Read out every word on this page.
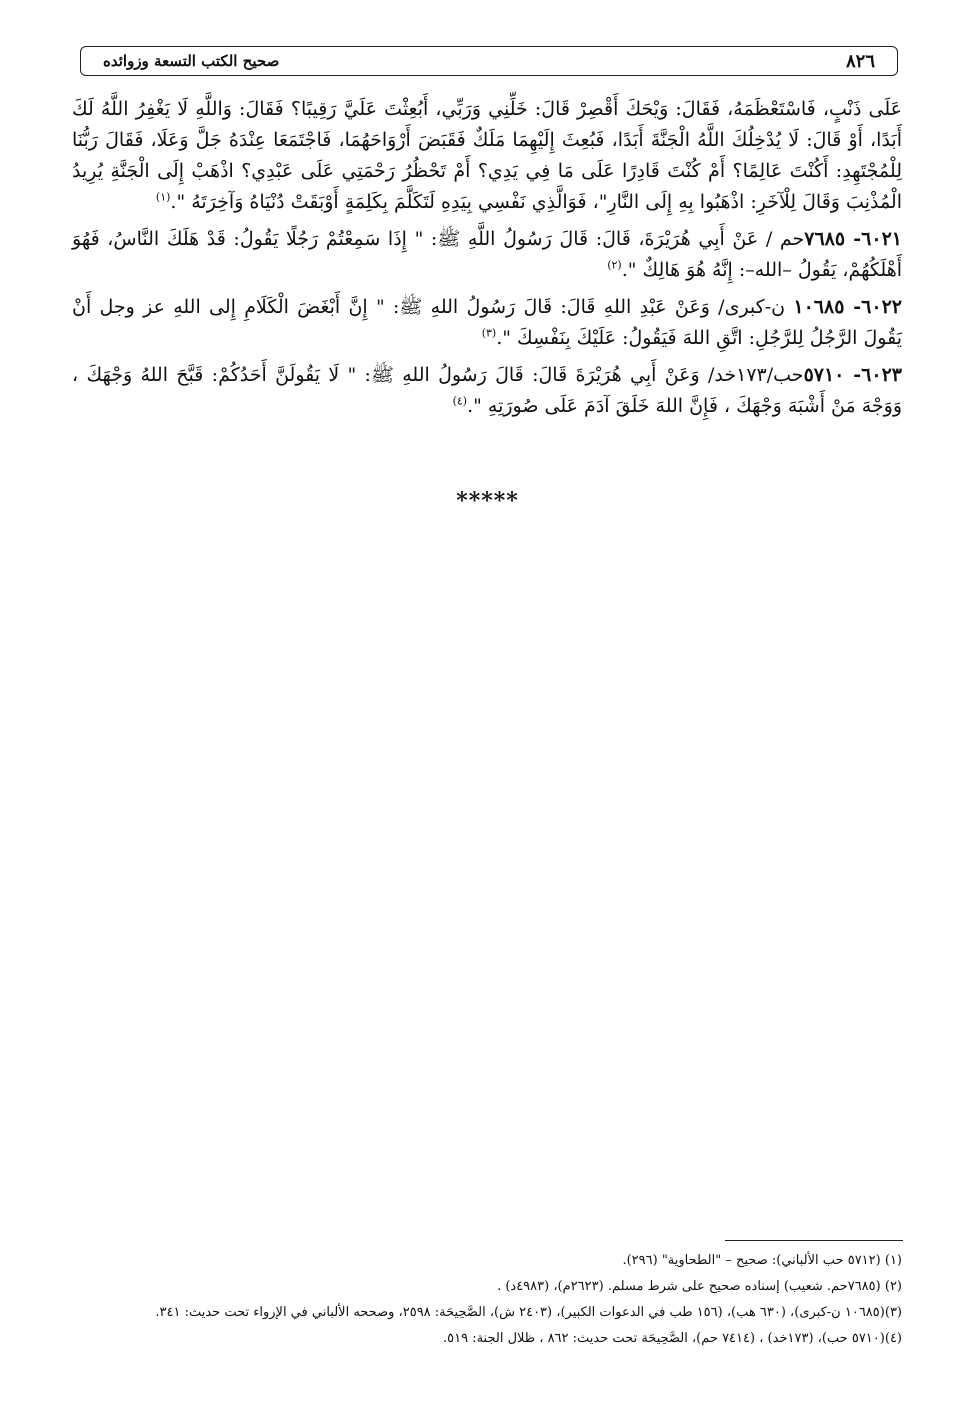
٨٢٦
صحيح الكتب التسعة وزوائده

عَلَى ذَنْبٍ، فَاسْتَعْظَمَهُ، فَقَالَ: وَيْحَكَ أَقْصِرْ قَالَ: خَلِّنِي وَرَبِّي، أَبُعِثْتَ عَلَيَّ رَقِيبًا؟ فَقَالَ: وَاللَّهِ لَا يَغْفِرُ اللَّهُ لَكَ أَبَدًا، أَوْ قَالَ: لَا يُدْخِلُكَ اللَّهُ الْجَنَّةَ أَبَدًا، فَبُعِثَ إِلَيْهِمَا مَلَكٌ فَقَبَضَ أَرْوَاحَهُمَا، فَاجْتَمَعَا عِنْدَهُ جَلَّ وَعَلَا، فَقَالَ رَبُّنَا لِلْمُجْتَهِدِ: أَكُنْتَ عَالِمًا؟ أَمْ كُنْتَ قَادِرًا عَلَى مَا فِي يَدِي؟ أَمْ تَحْظُرُ رَحْمَتِي عَلَى عَبْدِي؟ اذْهَبْ إِلَى الْجَنَّةِ يُرِيدُ الْمُذْنِبَ وَقَالَ لِلْآخَرِ: اذْهَبُوا بِهِ إِلَى النَّارِ"، فَوَالَّذِي نَفْسِي بِيَدِهِ لَتَكَلَّمَ بِكَلِمَةٍ أَوْبَقَتْ دُنْيَاهُ وَآخِرَتَهُ ".$^{(١)}$

٦٠٢١- ٧٦٨٥حم / عَنْ أَبِي هُرَيْرَةَ، قَالَ: قَالَ رَسُولُ اللَّهِ ﷺ: " إِذَا سَمِعْتُمْ رَجُلًا يَقُولُ: قَدْ هَلَكَ النَّاسُ، فَهُوَ أَهْلَكُهُمْ، يَقُولُ –الله–: إِنَّهُ هُوَ هَالِكٌ ".$^{(٢)}$

٦٠٢٢- ١٠٦٨٥ ن-كبرى/ وَعَنْ عَبْدِ اللهِ قَالَ: قَالَ رَسُولُ اللهِ ﷺ: " إِنَّ أَبْغَضَ الْكَلَامِ إِلى اللهِ عز وجل أَنْ يَقُولَ الرَّجُلُ لِلرَّجُلِ: اتَّقِ اللهَ فَيَقُولُ: عَلَيْكَ بِنَفْسِكَ ".$^{(٣)}$

٦٠٢٣- ٥٧١٠حب/١٧٣خد/ وَعَنْ أَبِي هُرَيْرَةَ قَالَ: قَالَ رَسُولُ اللهِ ﷺ: " لَا يَقُولَنَّ أَحَدُكُمْ: قَبَّحَ اللهُ وَجْهَكَ ، وَوَجْهَ مَنْ أَشْبَهَ وَجْهَكَ ، فَإِنَّ اللهَ خَلَقَ آدَمَ عَلَى صُورَتِهِ ".$^{(٤)}$

*****

(١) (٥٧١٢ حب الألباني): صحيح – "الطحاوية" (٢٩٦).

(٢) (٧٦٨٥حم. شعيب) إسناده صحيح على شرط مسلم. (٢٦٢٣م)، (٤٩٨٣د) .

(٣)(١٠٦٨٥ ن-كبرى)، (٦٣٠ هب)، (١٥٦ طب في الدعوات الكبير)، (٢٤٠٣ ش)، الصَّحِيحَة: ٢٥٩٨، وصححه الألباني في الإرواء تحت حديث: ٣٤١.

(٤)(٥٧١٠ حب)، (١٧٣خد) ، (٧٤١٤ حم)، الصَّحِيحَة تحت حديث: ٨٦٢ ، ظلال الجنة: ٥١٩.
